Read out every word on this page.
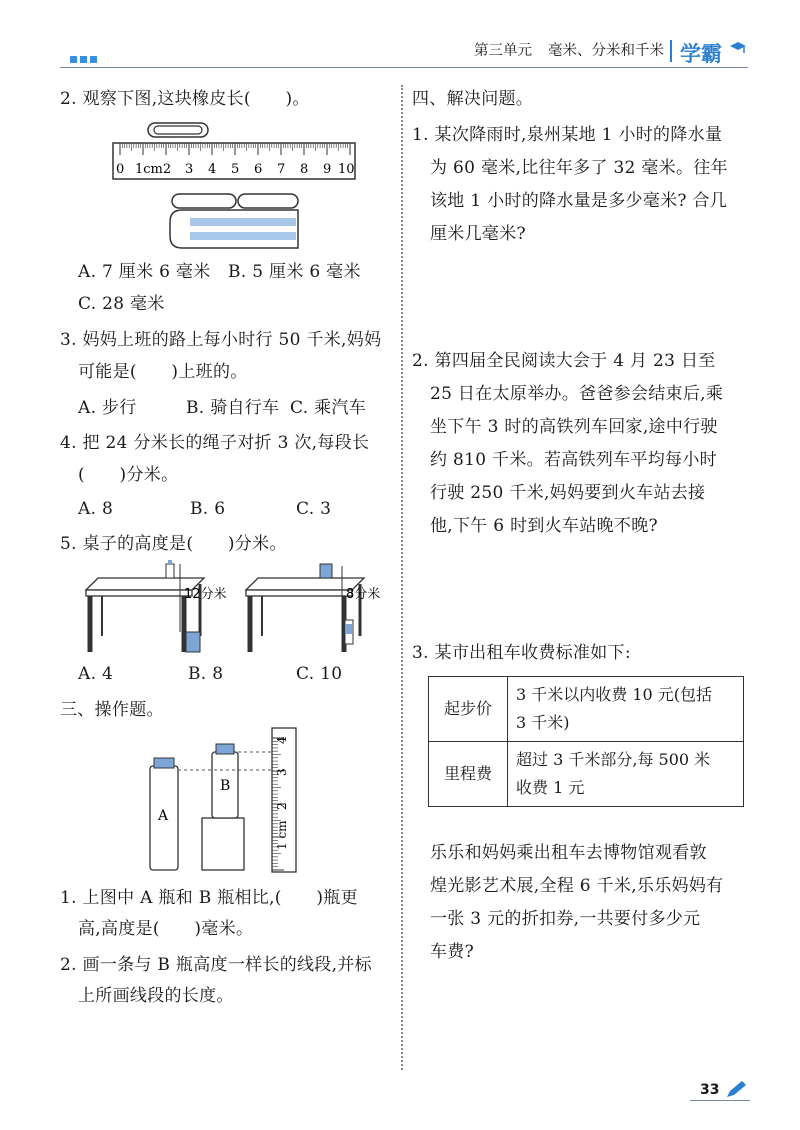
第三单元 毫米、分米和千米 学霸
2. 观察下图,这块橡皮长(　　)。
0 1cm2 3 4 5 6 7 8 9 10
A. 7 厘米 6 毫米 B. 5 厘米 6 毫米
C. 28 毫米
3. 妈妈上班的路上每小时行 50 千米,妈妈
可能是(　　)上班的。
A. 步行	B. 骑自行车 C. 乘汽车
4. 把 24 分米长的绳子对折 3 次,每段长
(　　)分米。
A. 8	B. 6	C. 3
5. 桌子的高度是(　　)分米。
12分米	8分米
A. 4	B. 8	C. 10
三、操作题。
A
B
4
3
2
1 cm
1. 上图中 A 瓶和 B 瓶相比,(　　)瓶更
高,高度是(　　)毫米。
2. 画一条与 B 瓶高度一样长的线段,并标
上所画线段的长度。
四、解决问题。
1. 某次降雨时,泉州某地 1 小时的降水量
为 60 毫米,比往年多了 32 毫米。往年
该地 1 小时的降水量是多少毫米? 合几
厘米几毫米?
2. 第四届全民阅读大会于 4 月 23 日至
25 日在太原举办。爸爸参会结束后,乘
坐下午 3 时的高铁列车回家,途中行驶
约 810 千米。若高铁列车平均每小时
行驶 250 千米,妈妈要到火车站去接
他,下午 6 时到火车站晚不晚?
3. 某市出租车收费标准如下:
起步价	3 千米以内收费 10 元(包括
3 千米)

里程费	超过 3 千米部分,每 500 米
收费 1 元
乐乐和妈妈乘出租车去博物馆观看敦
煌光影艺术展,全程 6 千米,乐乐妈妈有
一张 3 元的折扣券,一共要付多少元
车费?
33
